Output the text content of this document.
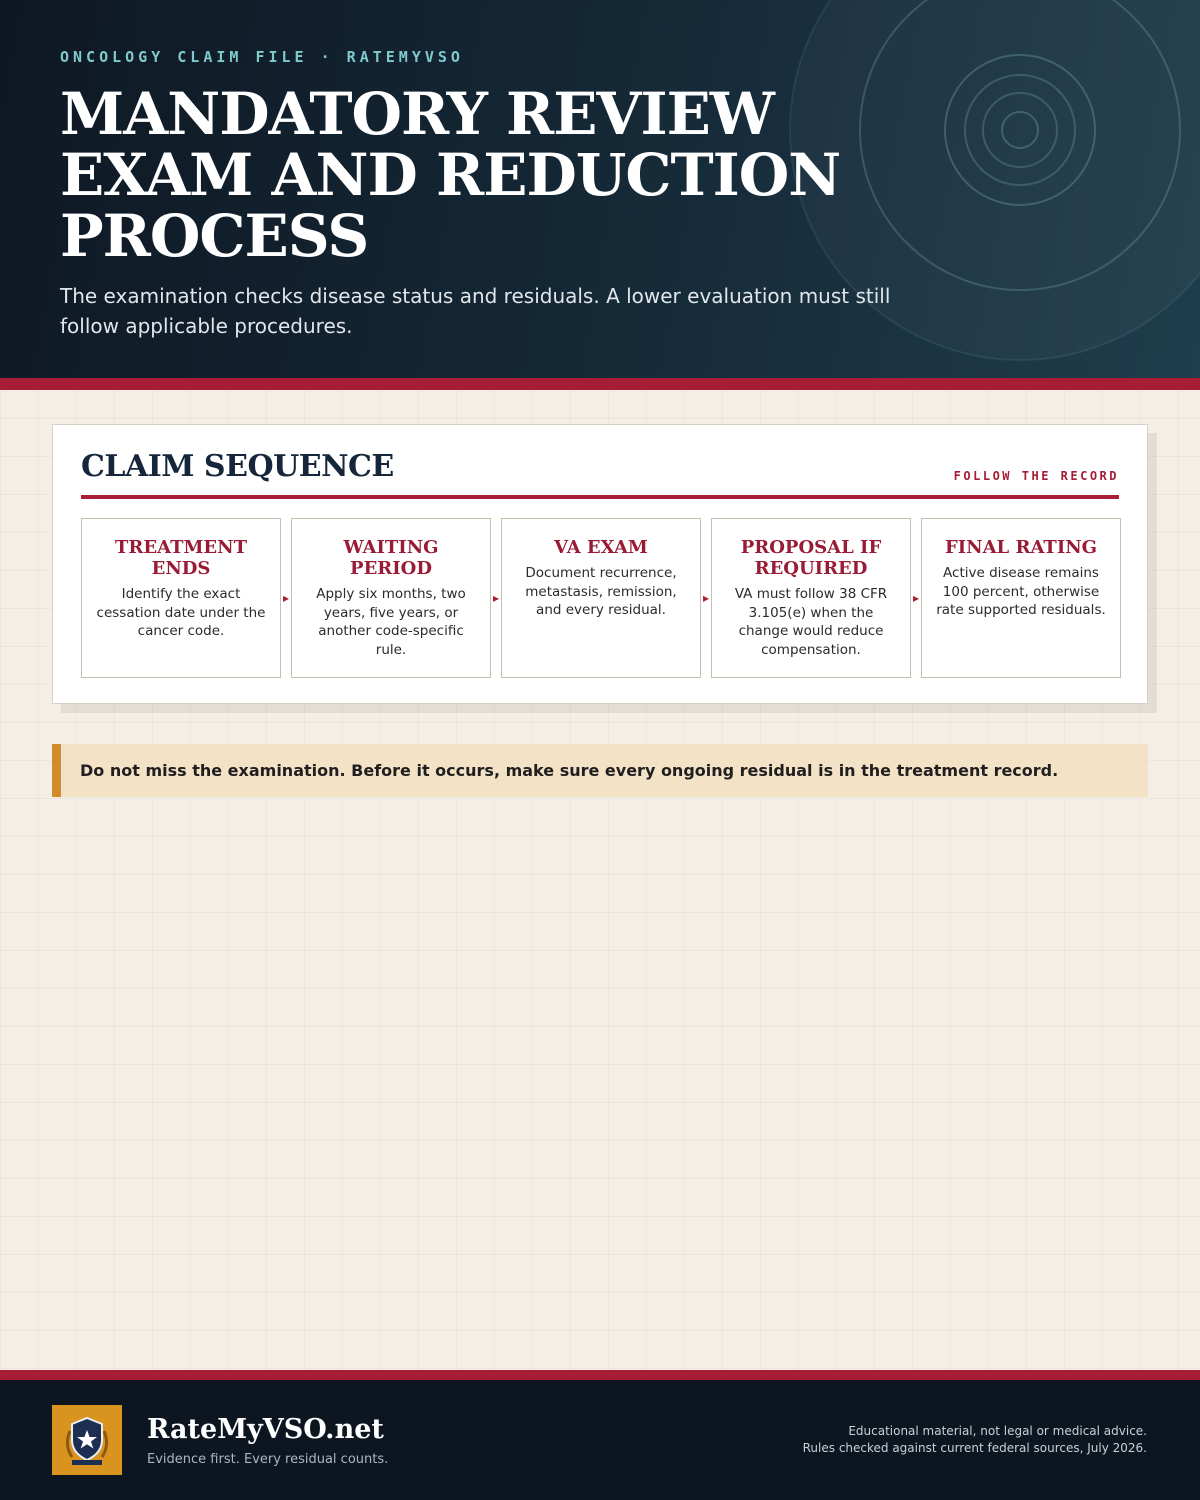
ONCOLOGY CLAIM FILE · RATEMYVSO
MANDATORY REVIEW EXAM AND REDUCTION PROCESS

The examination checks disease status and residuals. A lower evaluation must still follow applicable procedures.

CLAIM SEQUENCE	FOLLOW THE RECORD
TREATMENT ENDS
Identify the exact cessation date under the cancer code.
▸
WAITING PERIOD
Apply six months, two years, five years, or another code-specific rule.
▸
VA EXAM
Document recurrence, metastasis, remission, and every residual.
▸
PROPOSAL IF REQUIRED
VA must follow 38 CFR 3.105(e) when the change would reduce compensation.
▸
FINAL RATING
Active disease remains 100 percent, otherwise rate supported residuals.
Do not miss the examination. Before it occurs, make sure every ongoing residual is in the treatment record.
RateMyVSO.net
Evidence first. Every residual counts.
Educational material, not legal or medical advice.
Rules checked against current federal sources, July 2026.
